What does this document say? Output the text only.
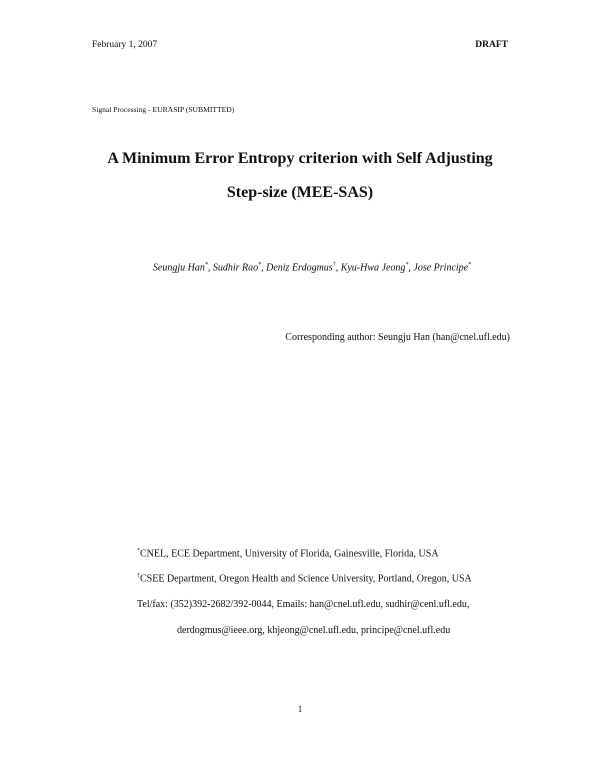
February 1, 2007	DRAFT
Signal Processing - EURASIP (SUBMITTED)
A Minimum Error Entropy criterion with Self Adjusting
Step-size (MEE-SAS)
Seungju Han*, Sudhir Rao*, Deniz Erdogmus†, Kyu-Hwa Jeong*, Jose Principe*
Corresponding author: Seungju Han (han@cnel.ufl.edu)
*CNEL, ECE Department, University of Florida, Gainesville, Florida, USA
†CSEE Department, Oregon Health and Science University, Portland, Oregon, USA
Tel/fax: (352)392-2682/392-0044, Emails: han@cnel.ufl.edu, sudhir@cenl.ufl.edu,
derdogmus@ieee.org, khjeong@cnel.ufl.edu, principe@cnel.ufl.edu
1
